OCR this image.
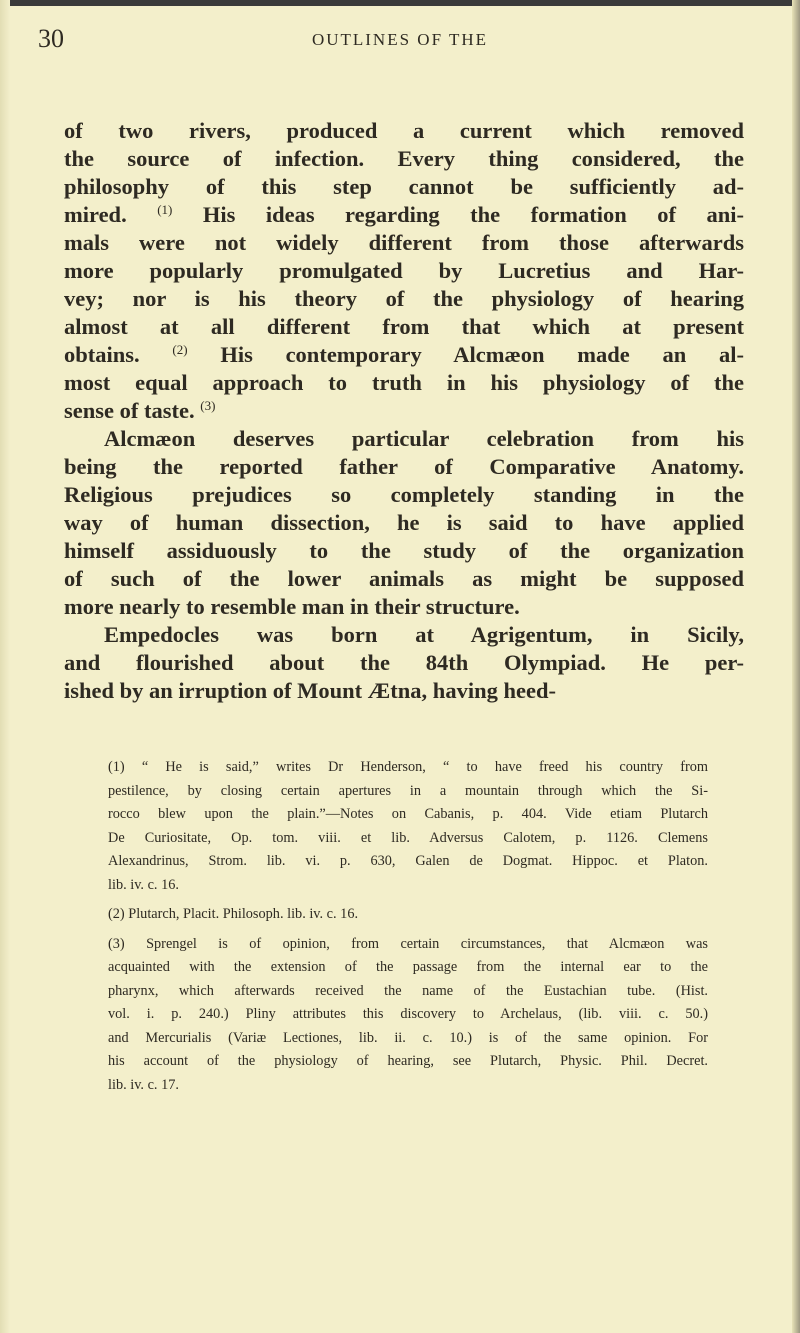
30	OUTLINES OF THE
of two rivers, produced a current which removed
the source of infection. Every thing considered, the
philosophy of this step cannot be sufficiently ad-
mired. $^{(1)}$ His ideas regarding the formation of ani-
mals were not widely different from those afterwards
more popularly promulgated by Lucretius and Har-
vey; nor is his theory of the physiology of hearing
almost at all different from that which at present
obtains. $^{(2)}$ His contemporary Alcmæon made an al-
most equal approach to truth in his physiology of the
sense of taste. $^{(3)}$
Alcmæon deserves particular celebration from his
being the reported father of Comparative Anatomy.
Religious prejudices so completely standing in the
way of human dissection, he is said to have applied
himself assiduously to the study of the organization
of such of the lower animals as might be supposed
more nearly to resemble man in their structure.
Empedocles was born at Agrigentum, in Sicily,
and flourished about the 84th Olympiad. He per-
ished by an irruption of Mount Ætna, having heed-
(1) “ He is said,” writes Dr Henderson, “ to have freed his country from
pestilence, by closing certain apertures in a mountain through which the Si-
rocco blew upon the plain.”—Notes on Cabanis, p. 404. Vide etiam Plutarch
De Curiositate, Op. tom. viii. et lib. Adversus Calotem, p. 1126. Clemens
Alexandrinus, Strom. lib. vi. p. 630, Galen de Dogmat. Hippoc. et Platon.
lib. iv. c. 16.
(2) Plutarch, Placit. Philosoph. lib. iv. c. 16.
(3) Sprengel is of opinion, from certain circumstances, that Alcmæon was
acquainted with the extension of the passage from the internal ear to the
pharynx, which afterwards received the name of the Eustachian tube. (Hist.
vol. i. p. 240.) Pliny attributes this discovery to Archelaus, (lib. viii. c. 50.)
and Mercurialis (Variæ Lectiones, lib. ii. c. 10.) is of the same opinion. For
his account of the physiology of hearing, see Plutarch, Physic. Phil. Decret.
lib. iv. c. 17.
